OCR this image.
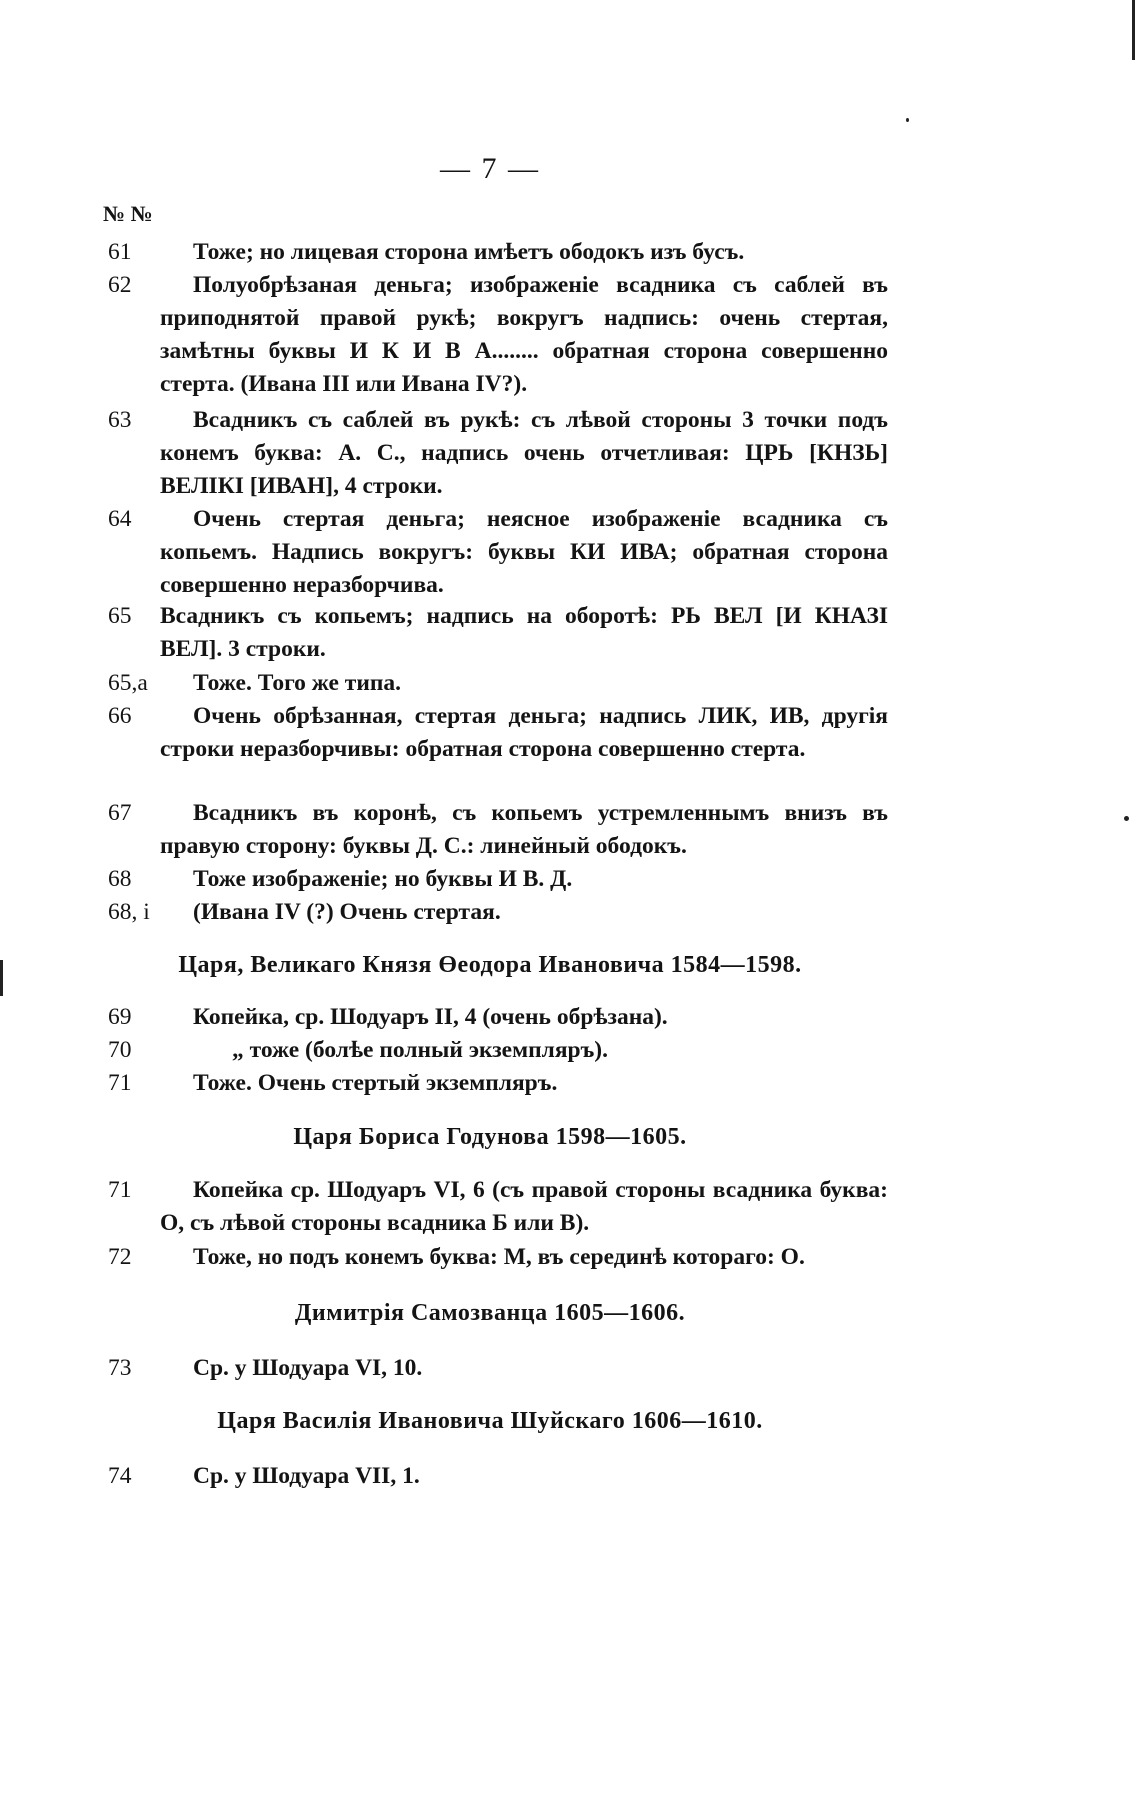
— 7 —
№ №
61	Тоже; но лицевая сторона имѣетъ ободокъ изъ бусъ.
62	Полуобрѣзаная деньга; изображеніе всадника съ саблей въ приподнятой правой рукѣ; вокругъ надпись: очень стертая, замѣтны буквы И К И В А........ обратная сторона совершенно стерта. (Ивана III или Ивана IV?).
63	Всадникъ съ саблей въ рукѣ: съ лѣвой стороны 3 точки подъ конемъ буква: А. С., надпись очень отчетливая: ЦРЬ [КНЗЬ] ВЕЛІКІ [ИВАН], 4 строки.
64	Очень стертая деньга; неясное изображеніе всадника съ копьемъ. Надпись вокругъ: буквы КИ ИВА; обратная сторона совершенно неразборчива.
65	Всадникъ съ копьемъ; надпись на оборотѣ: РЬ ВЕЛ [И КНАЗІ ВЕЛ]. 3 строки.
65,а	Тоже. Того же типа.
66	Очень обрѣзанная, стертая деньга; надпись ЛИК, ИВ, другія строки неразборчивы: обратная сторона совершенно стерта.
67	Всадникъ въ коронѣ, съ копьемъ устремленнымъ внизъ въ правую сторону: буквы Д. С.: линейный ободокъ.
68	Тоже изображеніе; но буквы И В. Д.
68, і	(Ивана IV (?) Очень стертая.
Царя, Великаго Князя Өеодора Ивановича 1584—1598.
69	Копейка, ср. Шодуаръ II, 4 (очень обрѣзана).
70	„ тоже (болѣе полный экземпляръ).
71	Тоже. Очень стертый экземпляръ.
Царя Бориса Годунова 1598—1605.
71	Копейка ср. Шодуаръ VI, 6 (съ правой стороны всадника буква: О, съ лѣвой стороны всадника Б или В).
72	Тоже, но подъ конемъ буква: М, въ серединѣ котораго: О.
Димитрія Самозванца 1605—1606.
73	Ср. у Шодуара VI, 10.
Царя Василія Ивановича Шуйскаго 1606—1610.
74	Ср. у Шодуара VII, 1.
